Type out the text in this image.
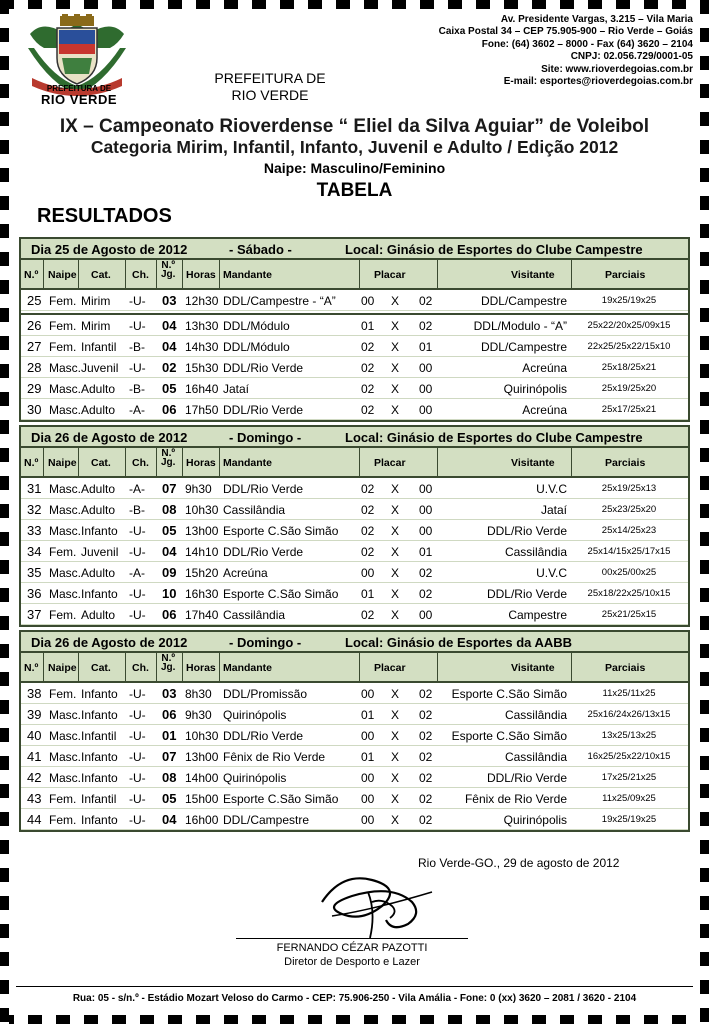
PREFEITURA DE
RIO VERDE
PREFEITURA DE
RIO VERDE
Av. Presidente Vargas, 3.215 – Vila Maria
Caixa Postal 34 – CEP 75.905-900 – Rio Verde – Goiás
Fone: (64) 3602 – 8000 - Fax (64) 3620 – 2104
CNPJ: 02.056.729/0001-05
Site: www.rioverdegoias.com.br
E-mail: esportes@rioverdegoias.com.br
IX – Campeonato Rioverdense “ Eliel da Silva Aguiar” de Voleibol
Categoria Mirim, Infantil, Infanto, Juvenil e Adulto / Edição 2012
Naipe: Masculino/Feminino
TABELA
RESULTADOS
Dia 25 de Agosto de 2012	- Sábado -	Local: Ginásio de Esportes do Clube Campestre
N.º Naipe Cat. Ch.	Horas Mandante	Placar	Visitante	Parciais
N.º
Jg.
25 Fem. Mirim -U- 03 12h30 DDL/Campestre - “A” 00 X 02	DDL/Campestre	19x25/19x25
26 Fem. Mirim -U- 04 13h30 DDL/Módulo	01 X 02	DDL/Modulo - “A”	25x22/20x25/09x15
27 Fem. Infantil -B- 04 14h30 DDL/Módulo	02 X 01	DDL/Campestre	22x25/25x22/15x10
28 Masc. Juvenil -U- 02 15h30 DDL/Rio Verde	02 X 00	Acreúna	25x18/25x21
29 Masc. Adulto -B- 05 16h40 Jataí	02 X 00	Quirinópolis	25x19/25x20
30 Masc. Adulto -A- 06 17h50 DDL/Rio Verde	02 X 00	Acreúna	25x17/25x21
Dia 26 de Agosto de 2012	- Domingo -	Local: Ginásio de Esportes do Clube Campestre
N.º Naipe Cat. Ch.	Horas Mandante	Placar	Visitante	Parciais
N.º
Jg.
31 Masc. Adulto -A- 07 9h30 DDL/Rio Verde	02 X 00	U.V.C	25x19/25x13
32 Masc. Adulto -B- 08 10h30 Cassilândia	02 X 00	Jataí	25x23/25x20
33 Masc. Infanto -U- 05 13h00 Esporte C.São Simão 02 X 00	DDL/Rio Verde	25x14/25x23
34 Fem. Juvenil -U- 04 14h10 DDL/Rio Verde	02 X 01	Cassilândia	25x14/15x25/17x15
35 Masc. Adulto -A- 09 15h20 Acreúna	00 X 02	U.V.C	00x25/00x25
36 Masc. Infanto -U- 10 16h30 Esporte C.São Simão 01 X 02	DDL/Rio Verde	25x18/22x25/10x15
37 Fem. Adulto -U- 06 17h40 Cassilândia	02 X 00	Campestre	25x21/25x15
Dia 26 de Agosto de 2012	- Domingo -	Local: Ginásio de Esportes da AABB
N.º Naipe Cat. Ch.	Horas Mandante	Placar	Visitante	Parciais
N.º
Jg.
38 Fem. Infanto -U- 03 8h30 DDL/Promissão	00 X 02	Esporte C.São Simão	11x25/11x25
39 Masc. Infanto -U- 06 9h30 Quirinópolis	01 X 02	Cassilândia	25x16/24x26/13x15
40 Masc. Infantil -U- 01 10h30 DDL/Rio Verde	00 X 02	Esporte C.São Simão	13x25/13x25
41 Masc. Infanto -U- 07 13h00 Fênix de Rio Verde	01 X 02	Cassilândia	16x25/25x22/10x15
42 Masc. Infanto -U- 08 14h00 Quirinópolis	00 X 02	DDL/Rio Verde	17x25/21x25
43 Fem. Infantil -U- 05 15h00 Esporte C.São Simão 00 X 02	Fênix de Rio Verde	11x25/09x25
44 Fem. Infanto -U- 04 16h00 DDL/Campestre	00 X 02	Quirinópolis	19x25/19x25
Rio Verde-GO., 29 de agosto de 2012
FERNANDO CÉZAR PAZOTTI
Diretor de Desporto e Lazer
Rua: 05 - s/n.º - Estádio Mozart Veloso do Carmo - CEP: 75.906-250 - Vila Amália - Fone: 0 (xx) 3620 – 2081 / 3620 - 2104
